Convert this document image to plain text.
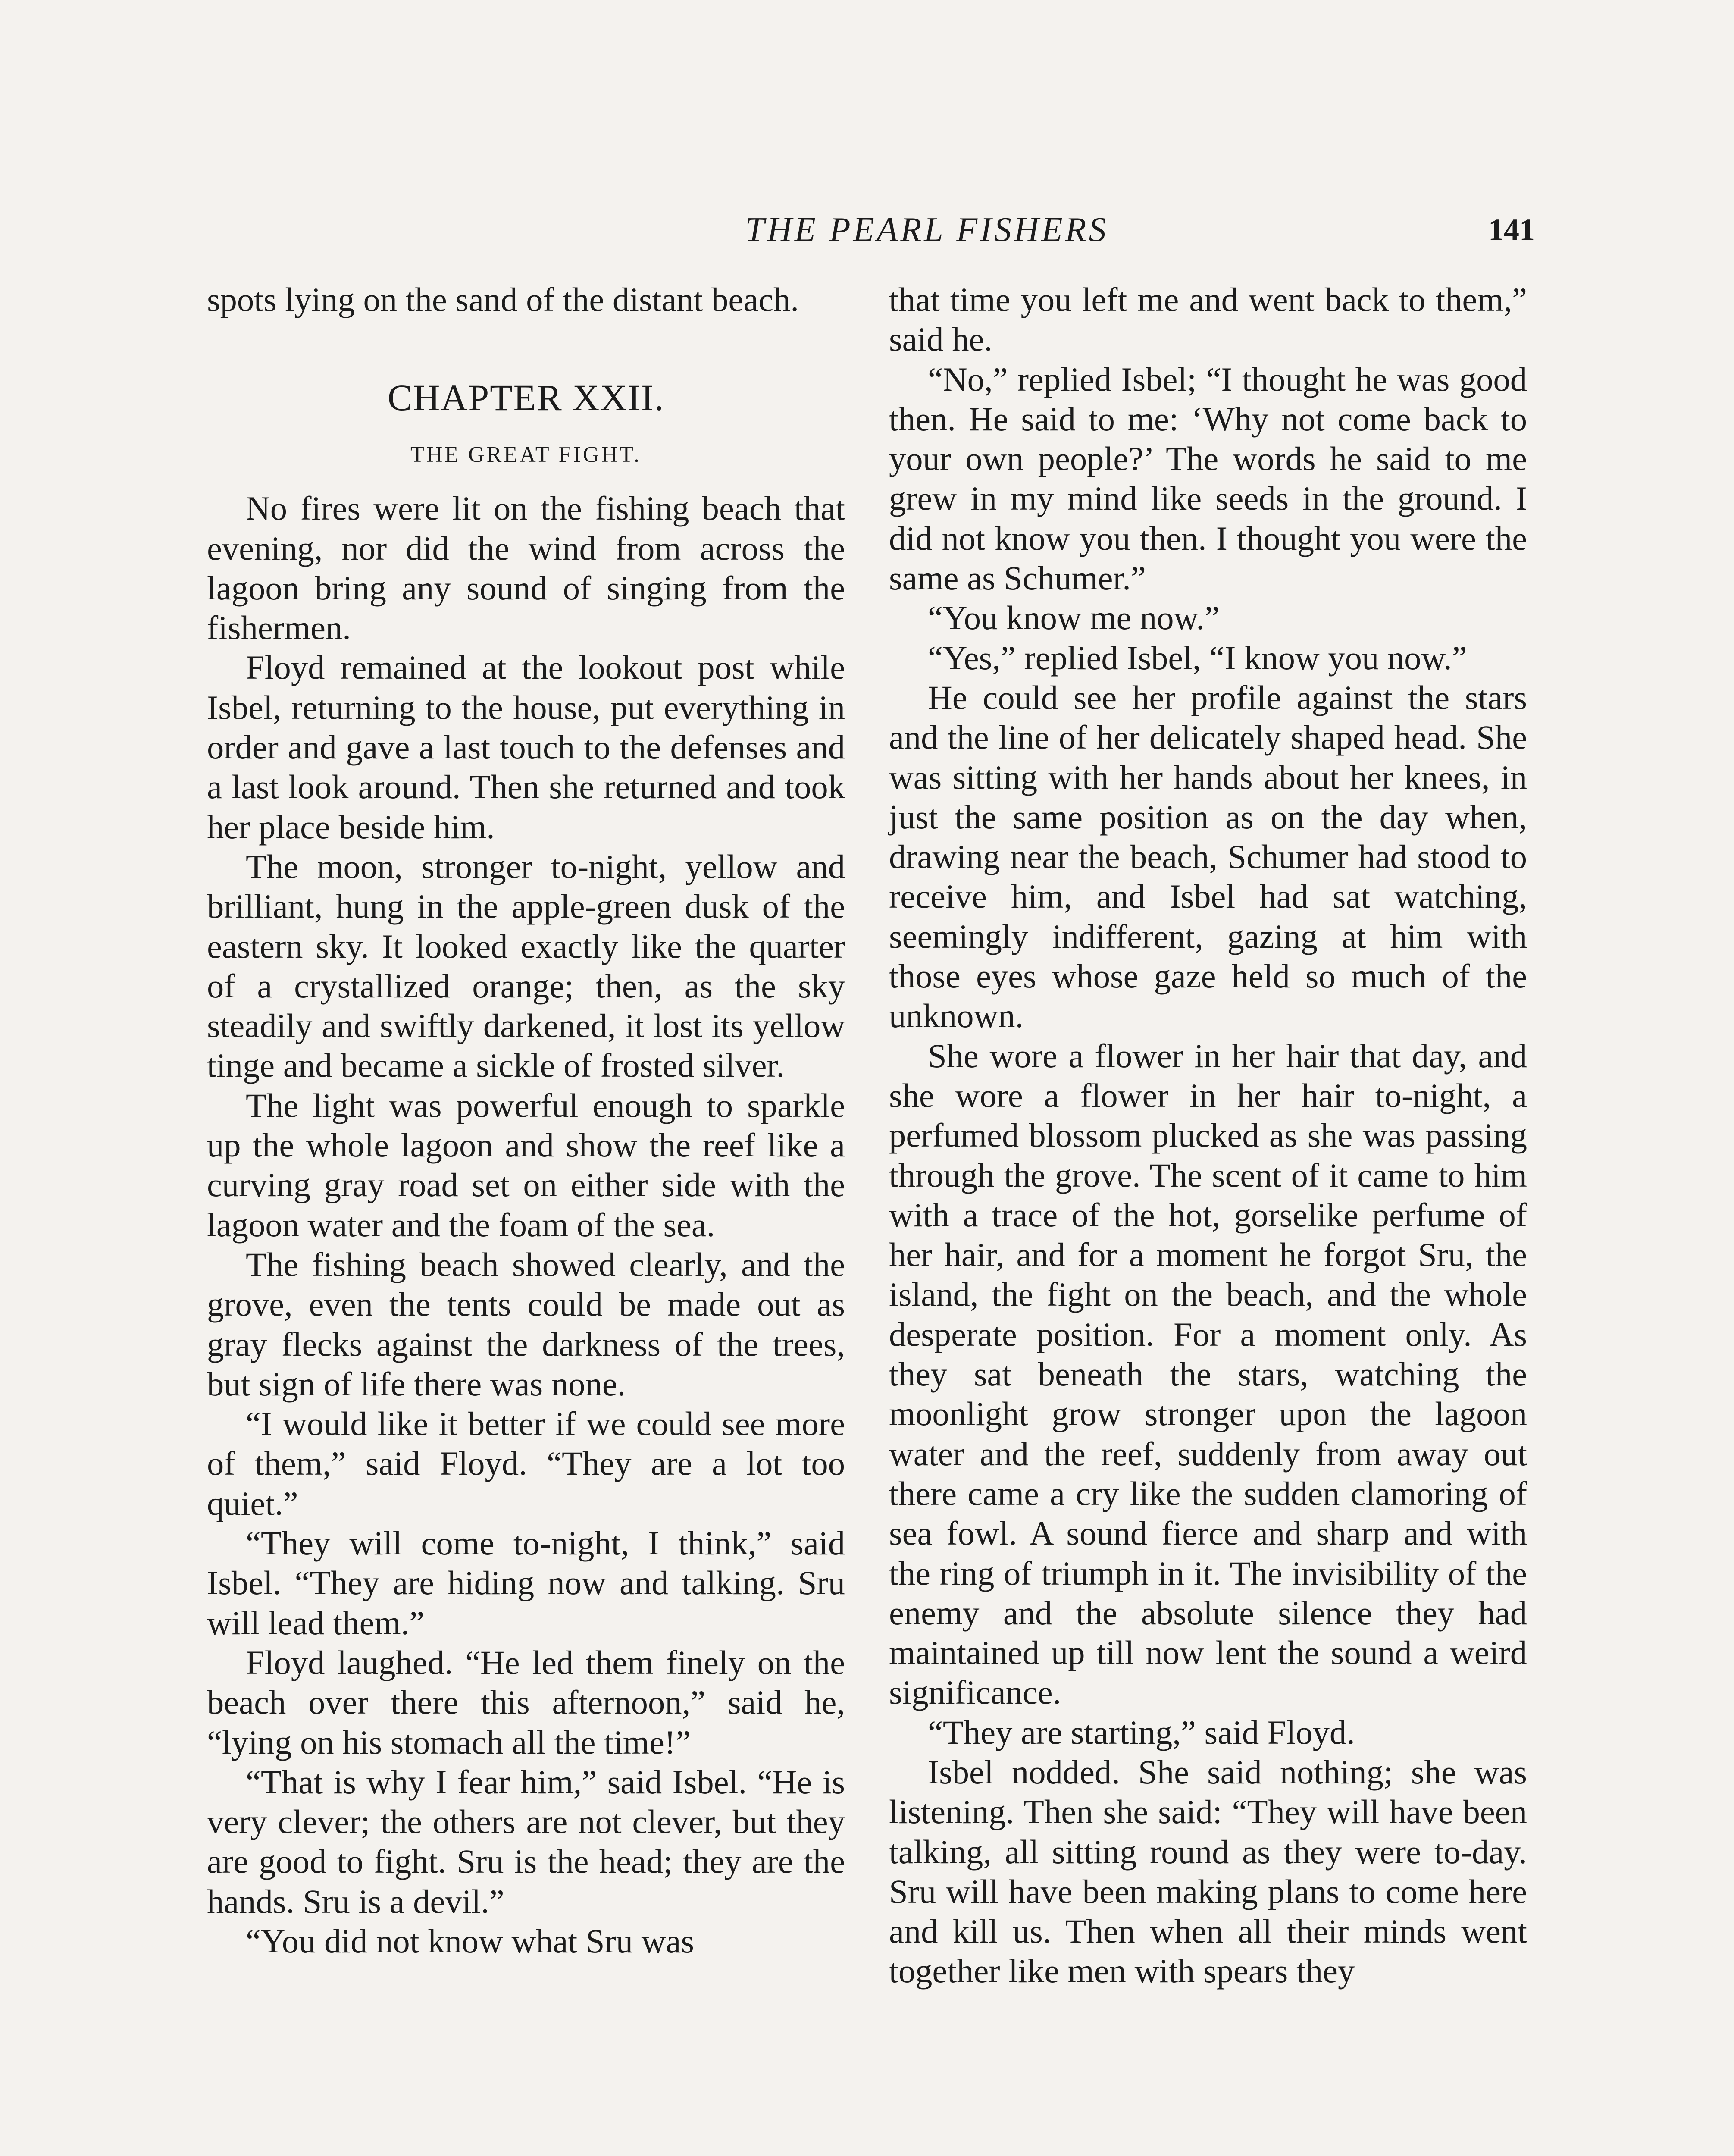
THE PEARL FISHERS	141

spots lying on the sand of the distant beach.

CHAPTER XXII.
THE GREAT FIGHT.

No fires were lit on the fishing beach that evening, nor did the wind from across the lagoon bring any sound of singing from the fishermen.

Floyd remained at the lookout post while Isbel, returning to the house, put everything in order and gave a last touch to the defenses and a last look around. Then she returned and took her place beside him.

The moon, stronger to-night, yellow and brilliant, hung in the apple-green dusk of the eastern sky. It looked exactly like the quarter of a crystallized orange; then, as the sky steadily and swiftly darkened, it lost its yellow tinge and became a sickle of frosted silver.

The light was powerful enough to sparkle up the whole lagoon and show the reef like a curving gray road set on either side with the lagoon water and the foam of the sea.

The fishing beach showed clearly, and the grove, even the tents could be made out as gray flecks against the darkness of the trees, but sign of life there was none.

“I would like it better if we could see more of them,” said Floyd. “They are a lot too quiet.”

“They will come to-night, I think,” said Isbel. “They are hiding now and talking. Sru will lead them.”

Floyd laughed. “He led them finely on the beach over there this afternoon,” said he, “lying on his stomach all the time!”

“That is why I fear him,” said Isbel. “He is very clever; the others are not clever, but they are good to fight. Sru is the head; they are the hands. Sru is a devil.”

“You did not know what Sru was

that time you left me and went back to them,” said he.

“No,” replied Isbel; “I thought he was good then. He said to me: ‘Why not come back to your own people?’ The words he said to me grew in my mind like seeds in the ground. I did not know you then. I thought you were the same as Schumer.”

“You know me now.”

“Yes,” replied Isbel, “I know you now.”

He could see her profile against the stars and the line of her delicately shaped head. She was sitting with her hands about her knees, in just the same position as on the day when, drawing near the beach, Schumer had stood to receive him, and Isbel had sat watching, seemingly indifferent, gazing at him with those eyes whose gaze held so much of the unknown.

She wore a flower in her hair that day, and she wore a flower in her hair to-night, a perfumed blossom plucked as she was passing through the grove. The scent of it came to him with a trace of the hot, gorselike perfume of her hair, and for a moment he forgot Sru, the island, the fight on the beach, and the whole desperate position. For a moment only. As they sat beneath the stars, watching the moonlight grow stronger upon the lagoon water and the reef, suddenly from away out there came a cry like the sudden clamoring of sea fowl. A sound fierce and sharp and with the ring of triumph in it. The invisibility of the enemy and the absolute silence they had maintained up till now lent the sound a weird significance.

“They are starting,” said Floyd.

Isbel nodded. She said nothing; she was listening. Then she said: “They will have been talking, all sitting round as they were to-day. Sru will have been making plans to come here and kill us. Then when all their minds went together like men with spears they
